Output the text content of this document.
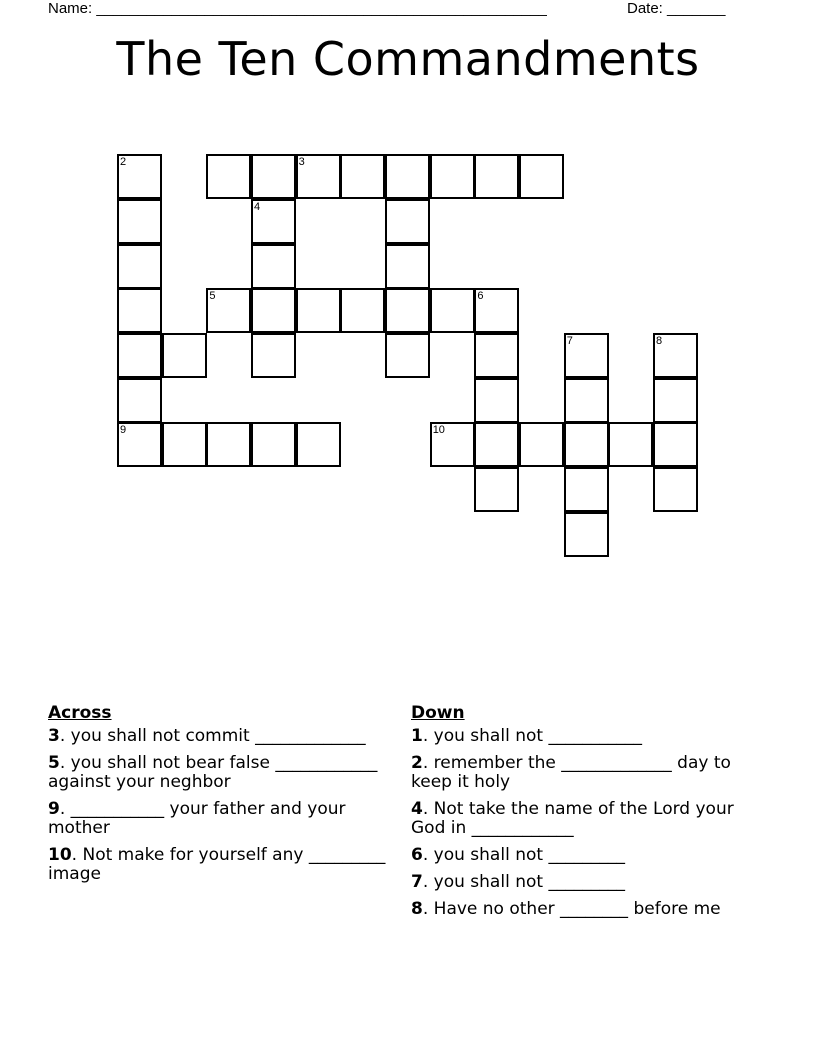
Name: ______________________________________________________	Date: _______
The Ten Commandments
2	3
4
5	6
7	8
9	10
Across
3. you shall not commit _____________
5. you shall not bear false ____________ against your neghbor
9. ___________ your father and your mother
10. Not make for yourself any _________ image
Down
1. you shall not ___________
2. remember the _____________ day to keep it holy
4. Not take the name of the Lord your God in ____________
6. you shall not _________
7. you shall not _________
8. Have no other ________ before me
